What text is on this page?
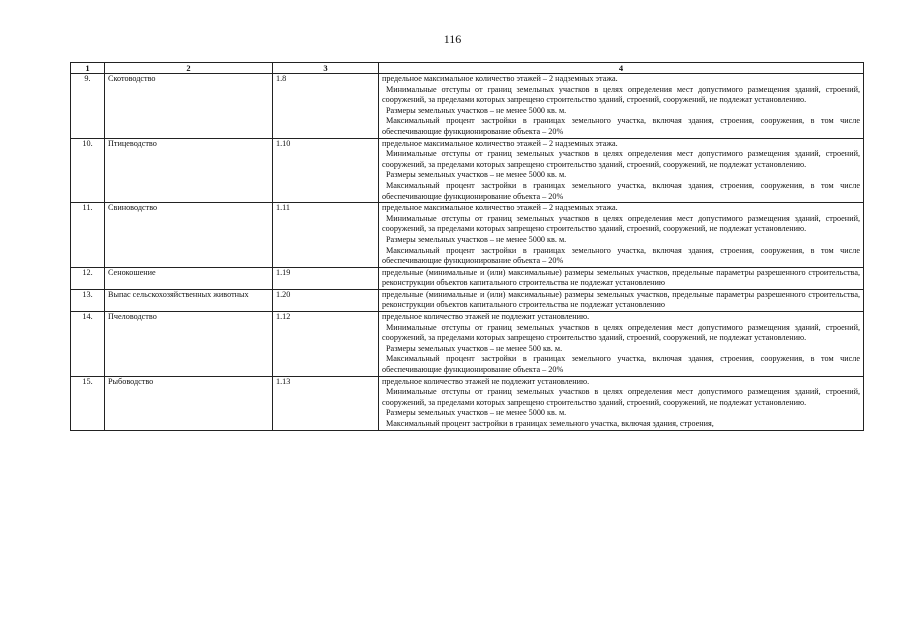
116
1	2	3	4
9.	Скотоводство	1.8	предельное максимальное количество этажей – 2 надземных этажа.

Минимальные отступы от границ земельных участков в целях определения мест допустимого размещения зданий, строений, сооружений, за пределами которых запрещено строительство зданий, строений, сооружений, не подлежат установлению.

Размеры земельных участков – не менее 5000 кв. м.

Максимальный процент застройки в границах земельного участка, включая здания, строения, сооружения, в том числе обеспечивающие функционирование объекта – 20%

10.	Птицеводство	1.10	предельное максимальное количество этажей – 2 надземных этажа.

Минимальные отступы от границ земельных участков в целях определения мест допустимого размещения зданий, строений, сооружений, за пределами которых запрещено строительство зданий, строений, сооружений, не подлежат установлению.

Размеры земельных участков – не менее 5000 кв. м.

Максимальный процент застройки в границах земельного участка, включая здания, строения, сооружения, в том числе обеспечивающие функционирование объекта – 20%

11.	Свиноводство	1.11	предельное максимальное количество этажей – 2 надземных этажа.

Минимальные отступы от границ земельных участков в целях определения мест допустимого размещения зданий, строений, сооружений, за пределами которых запрещено строительство зданий, строений, сооружений, не подлежат установлению.

Размеры земельных участков – не менее 5000 кв. м.

Максимальный процент застройки в границах земельного участка, включая здания, строения, сооружения, в том числе обеспечивающие функционирование объекта – 20%

12.	Сенокошение	1.19	предельные (минимальные и (или) максимальные) размеры земельных участков, предельные параметры разрешенного строительства, реконструкции объектов капитального строительства не подлежат установлению

13.	Выпас сельскохозяйственных животных	1.20	предельные (минимальные и (или) максимальные) размеры земельных участков, предельные параметры разрешенного строительства, реконструкции объектов капитального строительства не подлежат установлению

14.	Пчеловодство	1.12	предельное количество этажей не подлежит установлению.

Минимальные отступы от границ земельных участков в целях определения мест допустимого размещения зданий, строений, сооружений, за пределами которых запрещено строительство зданий, строений, сооружений, не подлежат установлению.

Размеры земельных участков – не менее 500 кв. м.

Максимальный процент застройки в границах земельного участка, включая здания, строения, сооружения, в том числе обеспечивающие функционирование объекта – 20%

15.	Рыбоводство	1.13	предельное количество этажей не подлежит установлению.

Минимальные отступы от границ земельных участков в целях определения мест допустимого размещения зданий, строений, сооружений, за пределами которых запрещено строительство зданий, строений, сооружений, не подлежат установлению.

Размеры земельных участков – не менее 5000 кв. м.

Максимальный процент застройки в границах земельного участка, включая здания, строения,
